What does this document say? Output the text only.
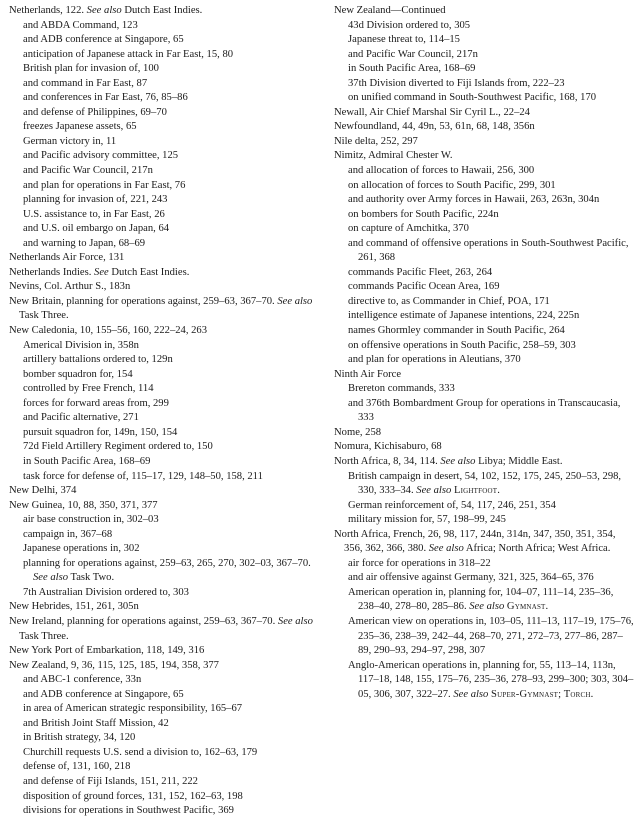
Netherlands, 122. See also Dutch East Indies.

and ABDA Command, 123

and ADB conference at Singapore, 65

anticipation of Japanese attack in Far East, 15, 80

British plan for invasion of, 100

and command in Far East, 87

and conferences in Far East, 76, 85–86

and defense of Philippines, 69–70

freezes Japanese assets, 65

German victory in, 11

and Pacific advisory committee, 125

and Pacific War Council, 217n

and plan for operations in Far East, 76

planning for invasion of, 221, 243

U.S. assistance to, in Far East, 26

and U.S. oil embargo on Japan, 64

and warning to Japan, 68–69

Netherlands Air Force, 131

Netherlands Indies. See Dutch East Indies.

Nevins, Col. Arthur S., 183n

New Britain, planning for operations against, 259–63, 367–70. See also Task Three.

New Caledonia, 10, 155–56, 160, 222–24, 263

Americal Division in, 358n

artillery battalions ordered to, 129n

bomber squadron for, 154

controlled by Free French, 114

forces for forward areas from, 299

and Pacific alternative, 271

pursuit squadron for, 149n, 150, 154

72d Field Artillery Regiment ordered to, 150

in South Pacific Area, 168–69

task force for defense of, 115–17, 129, 148–50, 158, 211

New Delhi, 374

New Guinea, 10, 88, 350, 371, 377

air base construction in, 302–03

campaign in, 367–68

Japanese operations in, 302

planning for operations against, 259–63, 265, 270, 302–03, 367–70. See also Task Two.

7th Australian Division ordered to, 303

New Hebrides, 151, 261, 305n

New Ireland, planning for operations against, 259–63, 367–70. See also Task Three.

New York Port of Embarkation, 118, 149, 316

New Zealand, 9, 36, 115, 125, 185, 194, 358, 377

and ABC-1 conference, 33n

and ADB conference at Singapore, 65

in area of American strategic responsibility, 165–67

and British Joint Staff Mission, 42

in British strategy, 34, 120

Churchill requests U.S. send a division to, 162–63, 179

defense of, 131, 160, 218

and defense of Fiji Islands, 151, 211, 222

disposition of ground forces, 131, 152, 162–63, 198

divisions for operations in Southwest Pacific, 369

New Zealand—Continued

43d Division ordered to, 305

Japanese threat to, 114–15

and Pacific War Council, 217n

in South Pacific Area, 168–69

37th Division diverted to Fiji Islands from, 222–23

on unified command in South-Southwest Pacific, 168, 170

Newall, Air Chief Marshal Sir Cyril L., 22–24

Newfoundland, 44, 49n, 53, 61n, 68, 148, 356n

Nile delta, 252, 297

Nimitz, Admiral Chester W.

and allocation of forces to Hawaii, 256, 300

on allocation of forces to South Pacific, 299, 301

and authority over Army forces in Hawaii, 263, 263n, 304n

on bombers for South Pacific, 224n

on capture of Amchitka, 370

and command of offensive operations in South-Southwest Pacific, 261, 368

commands Pacific Fleet, 263, 264

commands Pacific Ocean Area, 169

directive to, as Commander in Chief, POA, 171

intelligence estimate of Japanese intentions, 224, 225n

names Ghormley commander in South Pacific, 264

on offensive operations in South Pacific, 258–59, 303

and plan for operations in Aleutians, 370

Ninth Air Force

Brereton commands, 333

and 376th Bombardment Group for operations in Transcaucasia, 333

Nome, 258

Nomura, Kichisaburo, 68

North Africa, 8, 34, 114. See also Libya; Middle East.

British campaign in desert, 54, 102, 152, 175, 245, 250–53, 298, 330, 333–34. See also Lightfoot.

German reinforcement of, 54, 117, 246, 251, 354

military mission for, 57, 198–99, 245

North Africa, French, 26, 98, 117, 244n, 314n, 347, 350, 351, 354, 356, 362, 366, 380. See also Africa; North Africa; West Africa.

air force for operations in 318–22

and air offensive against Germany, 321, 325, 364–65, 376

American operation in, planning for, 104–07, 111–14, 235–36, 238–40, 278–80, 285–86. See also Gymnast.

American view on operations in, 103–05, 111–13, 117–19, 175–76, 235–36, 238–39, 242–44, 268–70, 271, 272–73, 277–86, 287–89, 290–93, 294–97, 298, 307

Anglo-American operations in, planning for, 55, 113–14, 113n, 117–18, 148, 155, 175–76, 235–36, 278–93, 299–300; 303, 304–05, 306, 307, 322–27. See also Super-Gymnast; Torch.
